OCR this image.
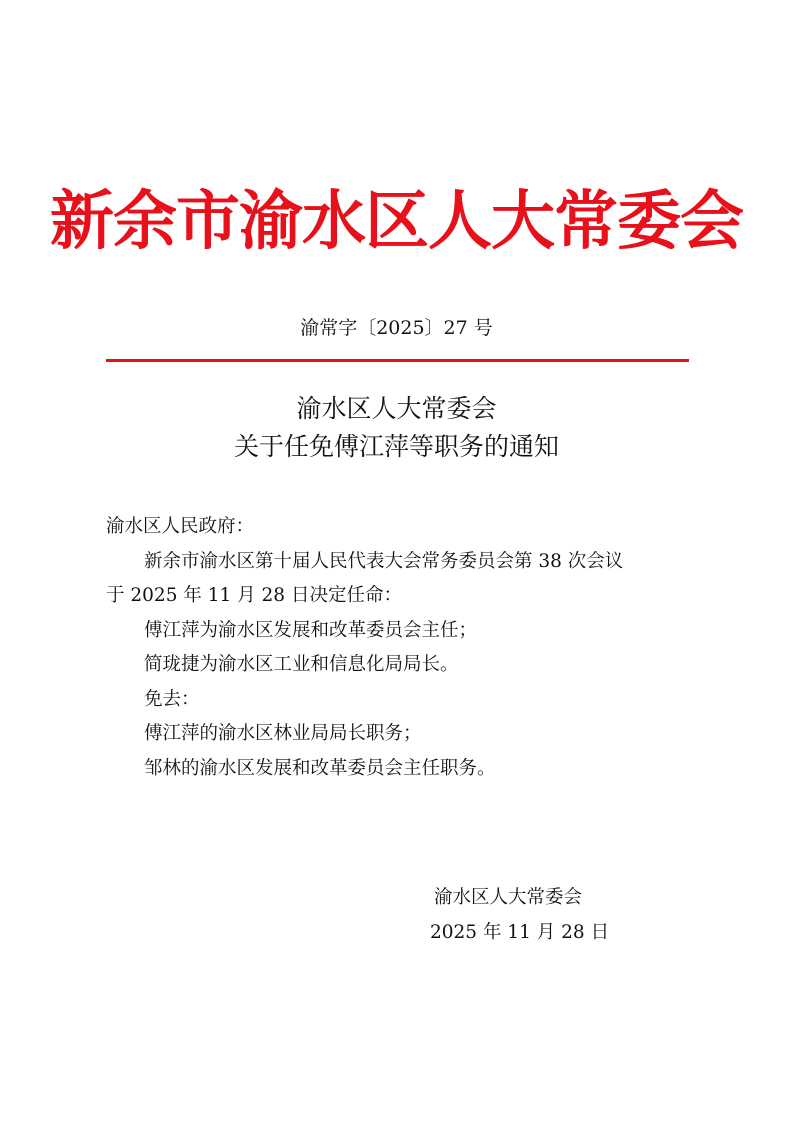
新余市渝水区人大常委会
渝常字〔2025〕27 号
渝水区人大常委会
关于任免傅江萍等职务的通知

渝水区人民政府：

新余市渝水区第十届人民代表大会常务委员会第 38 次会议

于 2025 年 11 月 28 日决定任命：

傅江萍为渝水区发展和改革委员会主任；

简珑捷为渝水区工业和信息化局局长。

免去：

傅江萍的渝水区林业局局长职务；

邹林的渝水区发展和改革委员会主任职务。

渝水区人大常委会
2025 年 11 月 28 日
